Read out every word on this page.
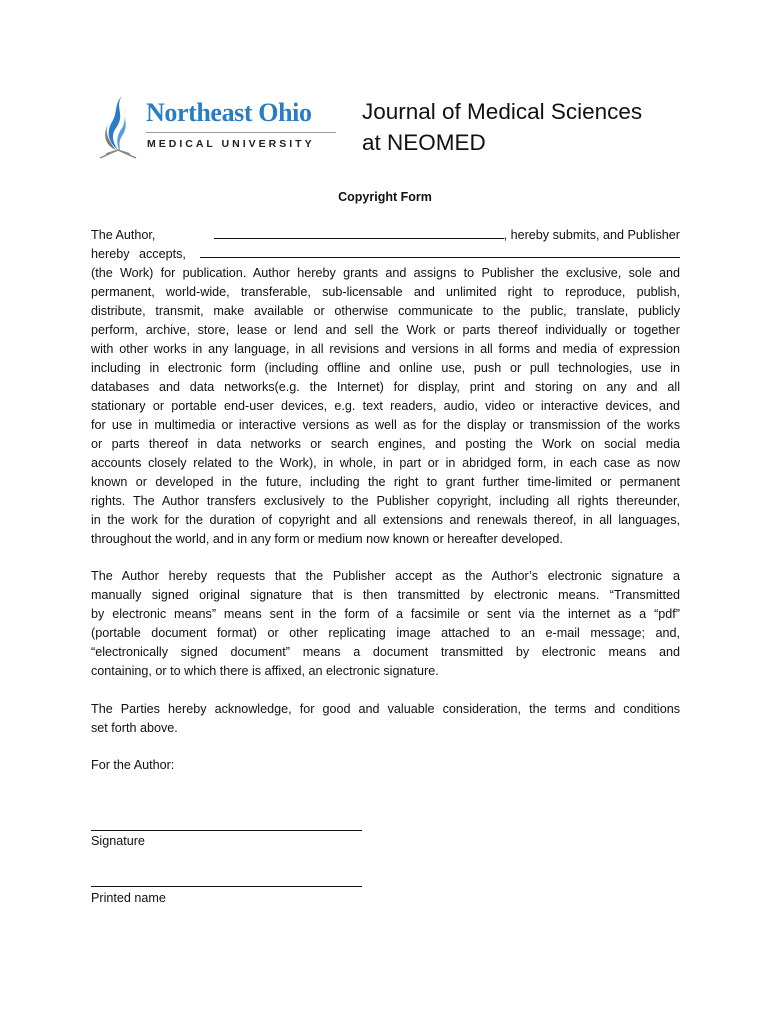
Northeast Ohio
MEDICAL UNIVERSITY
Journal of Medical Sciences
at NEOMED
Copyright Form
The Author,	, hereby submits, and Publisher
hereby accepts,
(the Work) for publication. Author hereby grants and assigns to Publisher the exclusive, sole and
permanent, world-wide, transferable, sub-licensable and unlimited right to reproduce, publish,
distribute, transmit, make available or otherwise communicate to the public, translate, publicly
perform, archive, store, lease or lend and sell the Work or parts thereof individually or together
with other works in any language, in all revisions and versions in all forms and media of expression
including in electronic form (including offline and online use, push or pull technologies, use in
databases and data networks(e.g. the Internet) for display, print and storing on any and all
stationary or portable end-user devices, e.g. text readers, audio, video or interactive devices, and
for use in multimedia or interactive versions as well as for the display or transmission of the works
or parts thereof in data networks or search engines, and posting the Work on social media
accounts closely related to the Work), in whole, in part or in abridged form, in each case as now
known or developed in the future, including the right to grant further time-limited or permanent
rights. The Author transfers exclusively to the Publisher copyright, including all rights thereunder,
in the work for the duration of copyright and all extensions and renewals thereof, in all languages,
throughout the world, and in any form or medium now known or hereafter developed.
The Author hereby requests that the Publisher accept as the Author’s electronic signature a
manually signed original signature that is then transmitted by electronic means. “Transmitted
by electronic means” means sent in the form of a facsimile or sent via the internet as a “pdf”
(portable document format) or other replicating image attached to an e-mail message; and,
“electronically signed document” means a document transmitted by electronic means and
containing, or to which there is affixed, an electronic signature.
The Parties hereby acknowledge, for good and valuable consideration, the terms and conditions
set forth above.
For the Author:
Signature
Printed name
